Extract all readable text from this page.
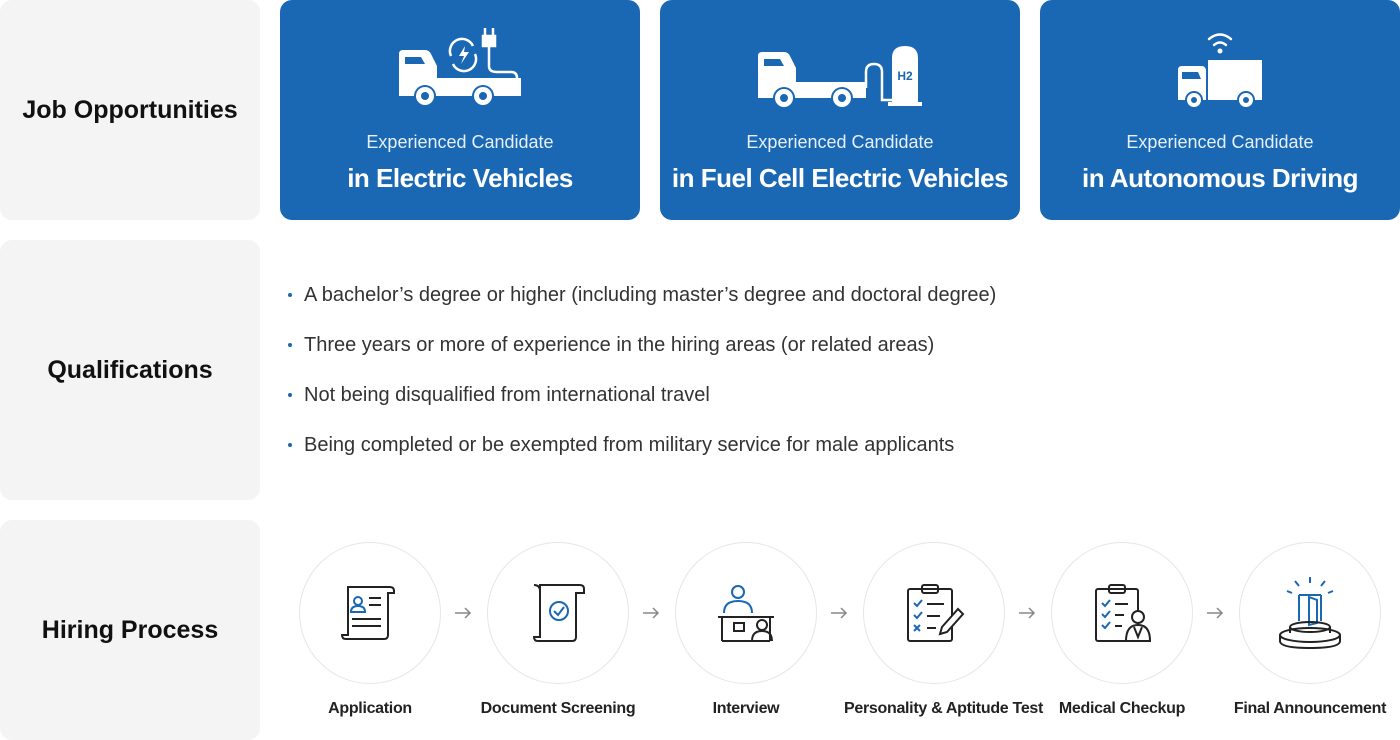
Job Opportunities
Qualifications
Hiring Process
Experienced Candidate
in Electric Vehicles
H2
Experienced Candidate
in Fuel Cell Electric Vehicles
Experienced Candidate
in Autonomous Driving
A bachelor’s degree or higher (including master’s degree and doctoral degree)
Three years or more of experience in the hiring areas (or related areas)
Not being disqualified from international travel
Being completed or be exempted from military service for male applicants
Application	Document Screening	Interview	Personality & Aptitude Test Medical Checkup	Final Announcement
